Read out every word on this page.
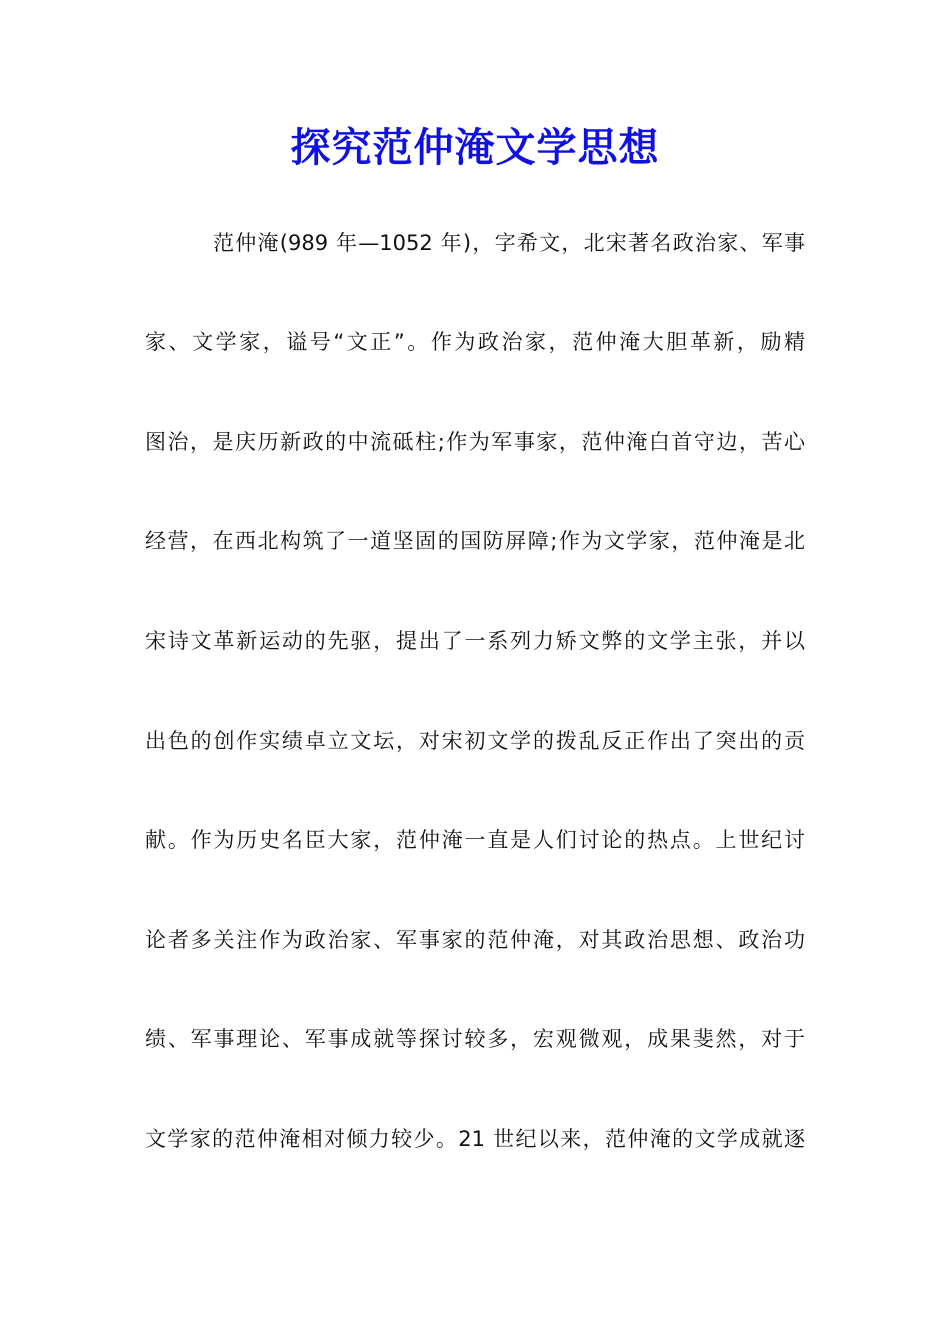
探究范仲淹文学思想
范仲淹(989 年—1052 年)，字希文，北宋著名政治家、军事
家、文学家，谥号“文正”。作为政治家，范仲淹大胆革新，励精
图治，是庆历新政的中流砥柱;作为军事家，范仲淹白首守边，苦心
经营，在西北构筑了一道坚固的国防屏障;作为文学家，范仲淹是北
宋诗文革新运动的先驱，提出了一系列力矫文弊的文学主张，并以
出色的创作实绩卓立文坛，对宋初文学的拨乱反正作出了突出的贡
献。作为历史名臣大家，范仲淹一直是人们讨论的热点。上世纪讨
论者多关注作为政治家、军事家的范仲淹，对其政治思想、政治功
绩、军事理论、军事成就等探讨较多，宏观微观，成果斐然，对于
文学家的范仲淹相对倾力较少。21 世纪以来，范仲淹的文学成就逐
